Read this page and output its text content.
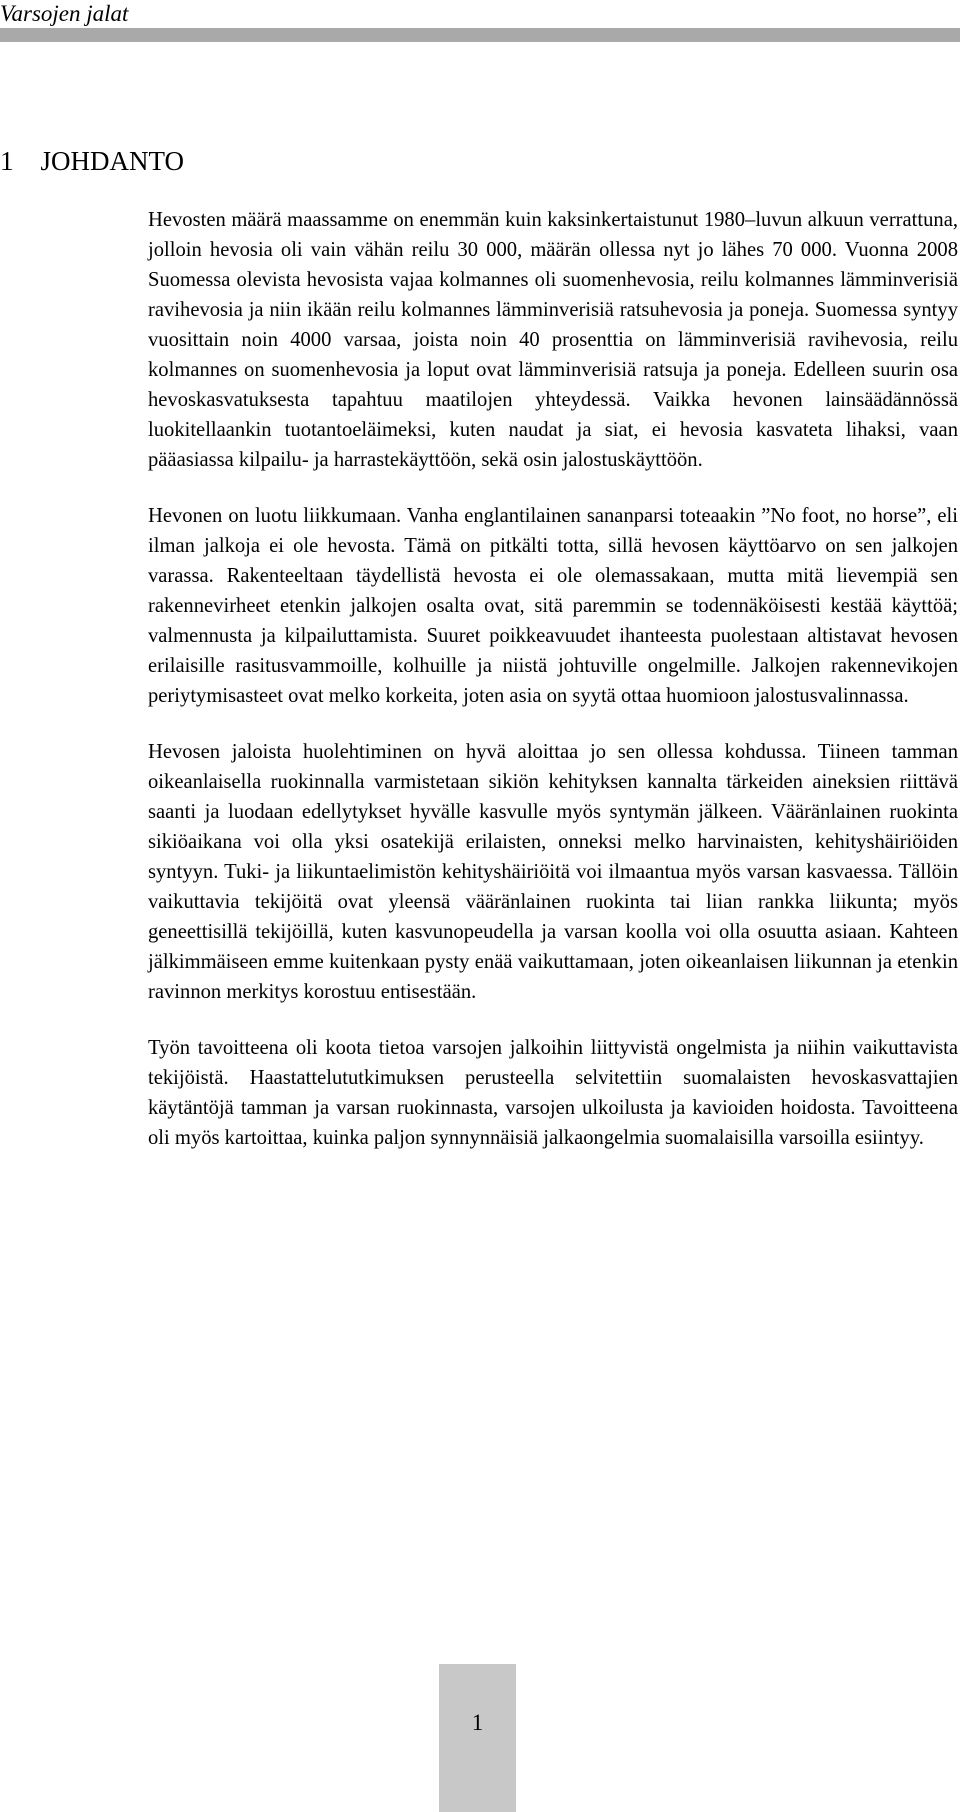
Varsojen jalat
1 JOHDANTO

Hevosten määrä maassamme on enemmän kuin kaksinkertaistunut 1980–luvun alkuun verrattuna, jolloin hevosia oli vain vähän reilu 30 000, määrän ollessa nyt jo lähes 70 000. Vuonna 2008 Suomessa olevista hevosista vajaa kolmannes oli suomenhevosia, reilu kolmannes lämminverisiä ravihevosia ja niin ikään reilu kolmannes lämminverisiä ratsuhevosia ja poneja. Suomessa syntyy vuosittain noin 4000 varsaa, joista noin 40 prosenttia on lämminverisiä ravihevosia, reilu kolmannes on suomenhevosia ja loput ovat lämminverisiä ratsuja ja poneja. Edelleen suurin osa hevoskasvatuksesta tapahtuu maatilojen yhteydessä. Vaikka hevonen lainsäädännössä luokitellaankin tuotantoeläimeksi, kuten naudat ja siat, ei hevosia kasvateta lihaksi, vaan pääasiassa kilpailu- ja harrastekäyttöön, sekä osin jalostuskäyttöön.

Hevonen on luotu liikkumaan. Vanha englantilainen sananparsi toteaakin ”No foot, no horse”, eli ilman jalkoja ei ole hevosta. Tämä on pitkälti totta, sillä hevosen käyttöarvo on sen jalkojen varassa. Rakenteeltaan täydellistä hevosta ei ole olemassakaan, mutta mitä lievempiä sen rakennevirheet etenkin jalkojen osalta ovat, sitä paremmin se todennäköisesti kestää käyttöä; valmennusta ja kilpailuttamista. Suuret poikkeavuudet ihanteesta puolestaan altistavat hevosen erilaisille rasitusvammoille, kolhuille ja niistä johtuville ongelmille. Jalkojen rakennevikojen periytymisasteet ovat melko korkeita, joten asia on syytä ottaa huomioon jalostusvalinnassa.

Hevosen jaloista huolehtiminen on hyvä aloittaa jo sen ollessa kohdussa. Tiineen tamman oikeanlaisella ruokinnalla varmistetaan sikiön kehityksen kannalta tärkeiden aineksien riittävä saanti ja luodaan edellytykset hyvälle kasvulle myös syntymän jälkeen. Vääränlainen ruokinta sikiöaikana voi olla yksi osatekijä erilaisten, onneksi melko harvinaisten, kehityshäiriöiden syntyyn. Tuki- ja liikuntaelimistön kehityshäiriöitä voi ilmaantua myös varsan kasvaessa. Tällöin vaikuttavia tekijöitä ovat yleensä vääränlainen ruokinta tai liian rankka liikunta; myös geneettisillä tekijöillä, kuten kasvunopeudella ja varsan koolla voi olla osuutta asiaan. Kahteen jälkimmäiseen emme kuitenkaan pysty enää vaikuttamaan, joten oikeanlaisen liikunnan ja etenkin ravinnon merkitys korostuu entisestään.

Työn tavoitteena oli koota tietoa varsojen jalkoihin liittyvistä ongelmista ja niihin vaikuttavista tekijöistä. Haastattelututkimuksen perusteella selvitettiin suomalaisten hevoskasvattajien käytäntöjä tamman ja varsan ruokinnasta, varsojen ulkoilusta ja kavioiden hoidosta. Tavoitteena oli myös kartoittaa, kuinka paljon synnynnäisiä jalkaongelmia suomalaisilla varsoilla esiintyy.

1
